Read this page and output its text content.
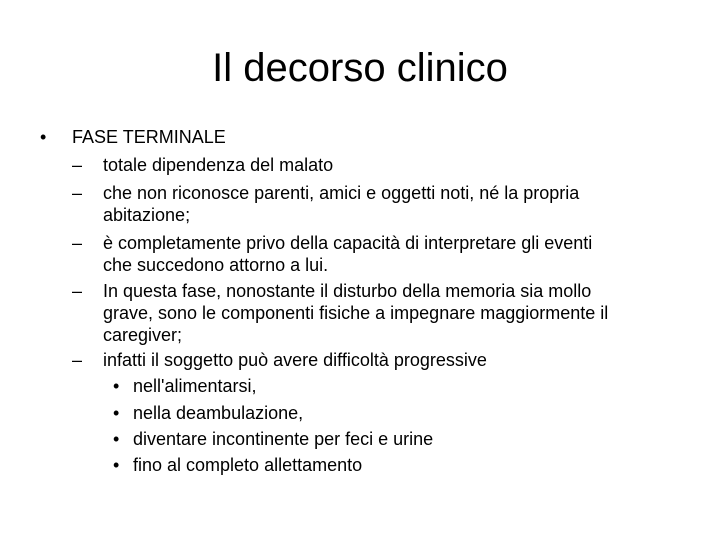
Il decorso clinico
• FASE TERMINALE
– totale dipendenza del malato
– che non riconosce parenti, amici e oggetti noti, né la propria
abitazione;
– è completamente privo della capacità di interpretare gli eventi
che succedono attorno a lui.
– In questa fase, nonostante il disturbo della memoria sia mollo
grave, sono le componenti fisiche a impegnare maggiormente il
caregiver;
– infatti il soggetto può avere difficoltà progressive
• nell'alimentarsi,
• nella deambulazione,
• diventare incontinente per feci e urine
• fino al completo allettamento
